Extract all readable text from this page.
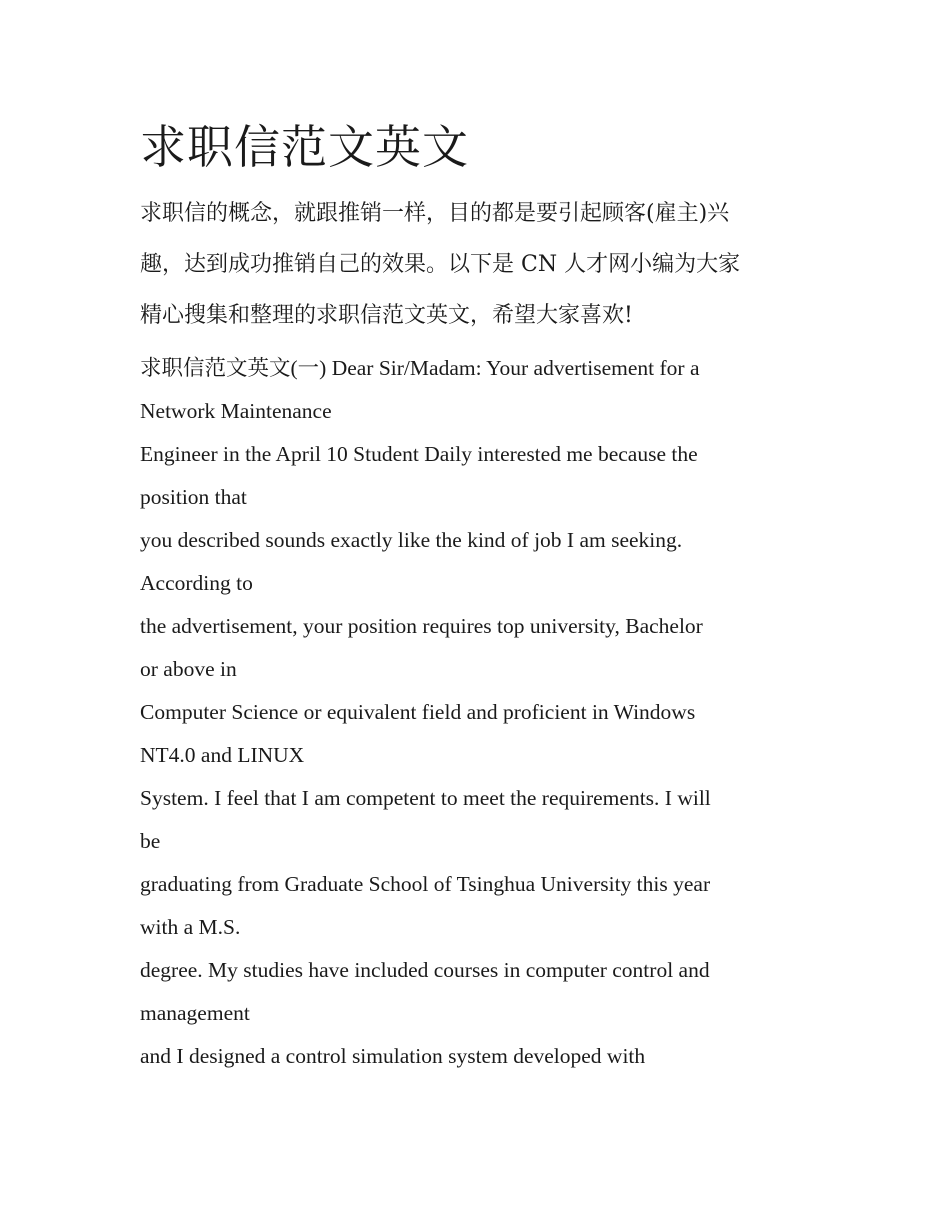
求职信范文英文

求职信的概念，就跟推销一样，目的都是要引起顾客(雇主)兴
趣，达到成功推销自己的效果。以下是 CN 人才网小编为大家
精心搜集和整理的求职信范文英文，希望大家喜欢!

求职信范文英文(一) Dear Sir/Madam: Your advertisement for a
Network Maintenance
Engineer in the April 10 Student Daily interested me because the
position that
you described sounds exactly like the kind of job I am seeking.
According to
the advertisement, your position requires top university, Bachelor
or above in
Computer Science or equivalent field and proficient in Windows
NT4.0 and LINUX
System. I feel that I am competent to meet the requirements. I will
be
graduating from Graduate School of Tsinghua University this year
with a M.S.
degree. My studies have included courses in computer control and
management
and I designed a control simulation system developed with
